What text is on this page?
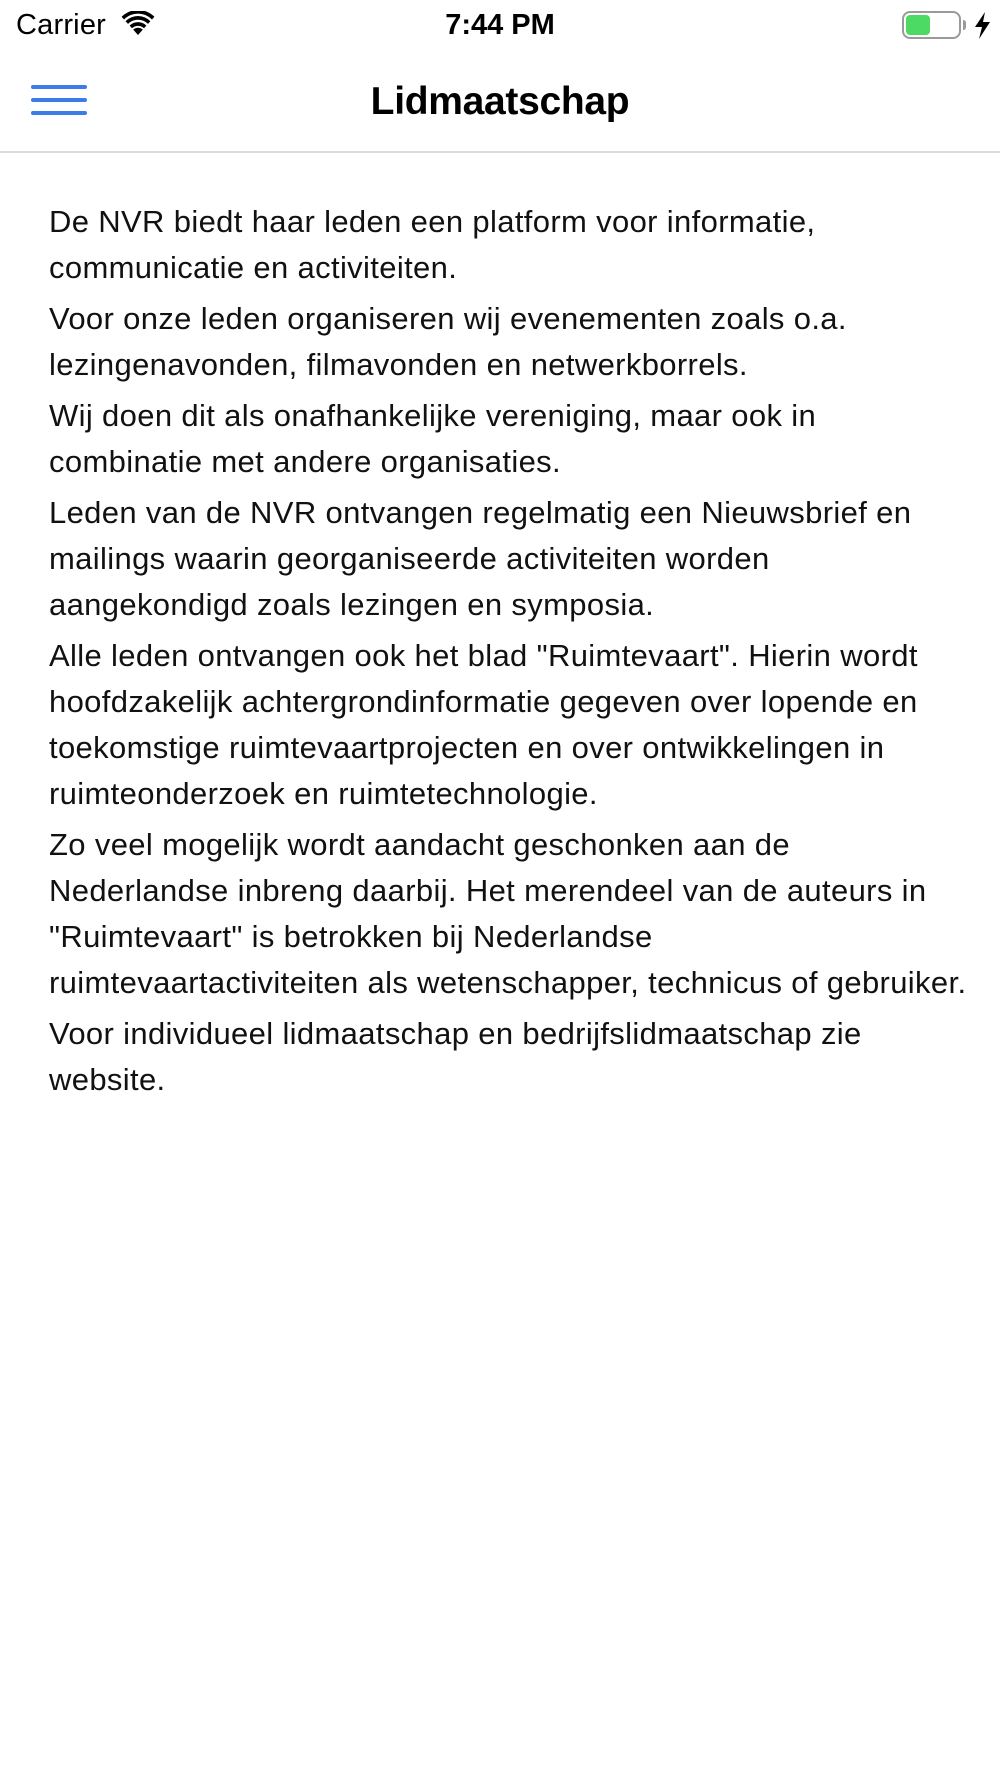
Carrier	7:44 PM
Lidmaatschap

De NVR biedt haar leden een platform voor informatie, communicatie en activiteiten.

Voor onze leden organiseren wij evenementen zoals o.a. lezingenavonden, filmavonden en netwerkborrels.

Wij doen dit als onafhankelijke vereniging, maar ook in combinatie met andere organisaties.

Leden van de NVR ontvangen regelmatig een Nieuwsbrief en mailings waarin georganiseerde activiteiten worden aangekondigd zoals lezingen en symposia.

Alle leden ontvangen ook het blad "Ruimtevaart". Hierin wordt hoofdzakelijk achtergrondinformatie gegeven over lopende en toekomstige ruimtevaartprojecten en over ontwikkelingen in ruimteonderzoek en ruimtetechnologie.

Zo veel mogelijk wordt aandacht geschonken aan de Nederlandse inbreng daarbij. Het merendeel van de auteurs in "Ruimtevaart" is betrokken bij Nederlandse ruimtevaartactiviteiten als wetenschapper, technicus of gebruiker.

Voor individueel lidmaatschap en bedrijfslidmaatschap zie website.
